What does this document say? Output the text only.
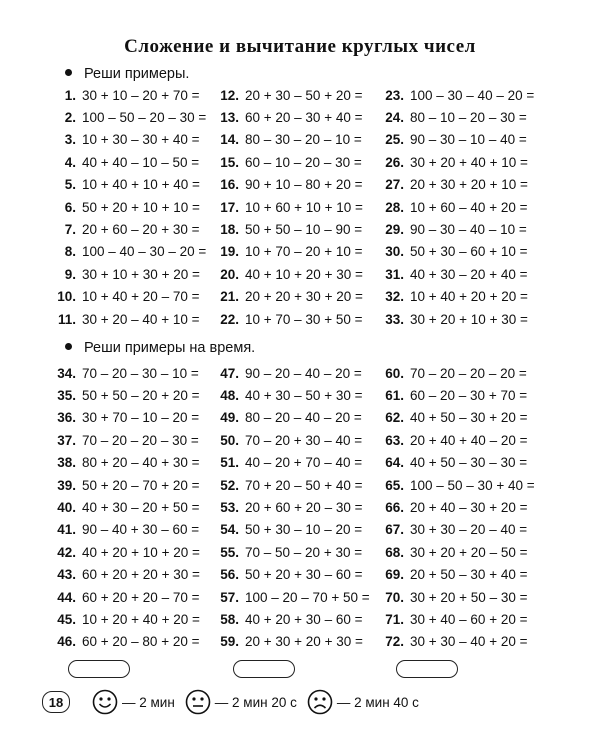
Сложение и вычитание круглых чисел
Реши примеры.
1. 30 + 10 – 20 + 70 =
2. 100 – 50 – 20 – 30 =
3. 10 + 30 – 30 + 40 =
4. 40 + 40 – 10 – 50 =
5. 10 + 40 + 10 + 40 =
6. 50 + 20 + 10 + 10 =
7. 20 + 60 – 20 + 30 =
8. 100 – 40 – 30 – 20 =
9. 30 + 10 + 30 + 20 =
10. 10 + 40 + 20 – 70 =
11. 30 + 20 – 40 + 10 =
12. 20 + 30 – 50 + 20 =
13. 60 + 20 – 30 + 40 =
14. 80 – 30 – 20 – 10 =
15. 60 – 10 – 20 – 30 =
16. 90 + 10 – 80 + 20 =
17. 10 + 60 + 10 + 10 =
18. 50 + 50 – 10 – 90 =
19. 10 + 70 – 20 + 10 =
20. 40 + 10 + 20 + 30 =
21. 20 + 20 + 30 + 20 =
22. 10 + 70 – 30 + 50 =
23. 100 – 30 – 40 – 20 =
24. 80 – 10 – 20 – 30 =
25. 90 – 30 – 10 – 40 =
26. 30 + 20 + 40 + 10 =
27. 20 + 30 + 20 + 10 =
28. 10 + 60 – 40 + 20 =
29. 90 – 30 – 40 – 10 =
30. 50 + 30 – 60 + 10 =
31. 40 + 30 – 20 + 40 =
32. 10 + 40 + 20 + 20 =
33. 30 + 20 + 10 + 30 =
Реши примеры на время.
34. 70 – 20 – 30 – 10 =
35. 50 + 50 – 20 + 20 =
36. 30 + 70 – 10 – 20 =
37. 70 – 20 – 20 – 30 =
38. 80 + 20 – 40 + 30 =
39. 50 + 20 – 70 + 20 =
40. 40 + 30 – 20 + 50 =
41. 90 – 40 + 30 – 60 =
42. 40 + 20 + 10 + 20 =
43. 60 + 20 + 20 + 30 =
44. 60 + 20 + 20 – 70 =
45. 10 + 20 + 40 + 20 =
46. 60 + 20 – 80 + 20 =
47. 90 – 20 – 40 – 20 =
48. 40 + 30 – 50 + 30 =
49. 80 – 20 – 40 – 20 =
50. 70 – 20 + 30 – 40 =
51. 40 – 20 + 70 – 40 =
52. 70 + 20 – 50 + 40 =
53. 20 + 60 + 20 – 30 =
54. 50 + 30 – 10 – 20 =
55. 70 – 50 – 20 + 30 =
56. 50 + 20 + 30 – 60 =
57. 100 – 20 – 70 + 50 =
58. 40 + 20 + 30 – 60 =
59. 20 + 30 + 20 + 30 =
60. 70 – 20 – 20 – 20 =
61. 60 – 20 – 30 + 70 =
62. 40 + 50 – 30 + 20 =
63. 20 + 40 + 40 – 20 =
64. 40 + 50 – 30 – 30 =
65. 100 – 50 – 30 + 40 =
66. 20 + 40 – 30 + 20 =
67. 30 + 30 – 20 – 40 =
68. 30 + 20 + 20 – 50 =
69. 20 + 50 – 30 + 40 =
70. 30 + 20 + 50 – 30 =
71. 30 + 40 – 60 + 20 =
72. 30 + 30 – 40 + 20 =
18	— 2 мин	— 2 мин 20 с	— 2 мин 40 с
